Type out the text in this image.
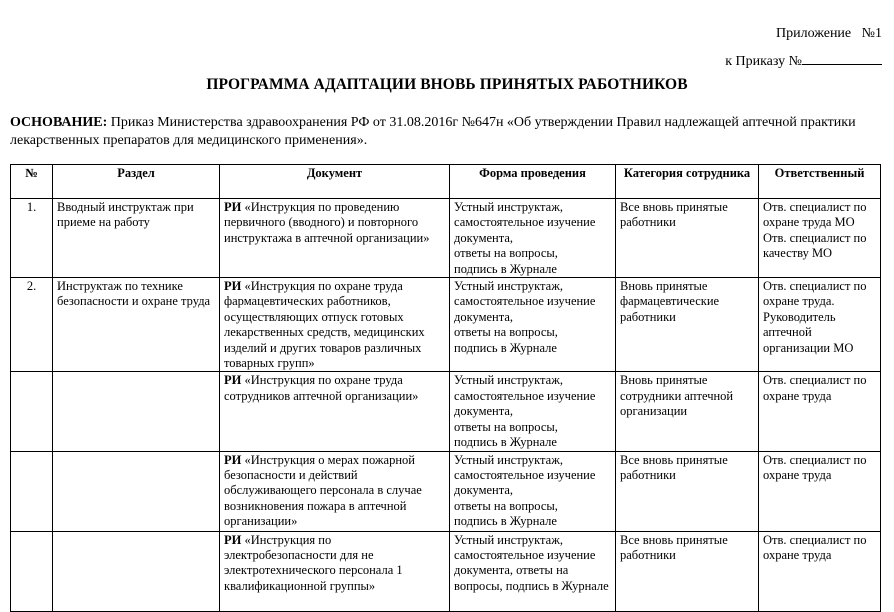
Приложение   №1
к Приказу №
ПРОГРАММА АДАПТАЦИИ ВНОВЬ ПРИНЯТЫХ РАБОТНИКОВ
ОСНОВАНИЕ: Приказ Министерства здравоохранения РФ от 31.08.2016г №647н «Об утверждении Правил надлежащей аптечной практики лекарственных препаратов для медицинского применения».
№	Раздел	Документ	Форма проведения	Категория сотрудника	Ответственный
1.	Вводный инструктаж при приеме на работу	РИ «Инструкция по проведению первичного (вводного) и повторного инструктажа в аптечной организации»	Устный инструктаж, самостоятельное изучение документа,
ответы на вопросы,
подпись в Журнале	Все вновь принятые работники	Отв. специалист по охране труда МО
Отв. специалист по качеству МО
2.	Инструктаж по технике безопасности и охране труда	РИ «Инструкция по охране труда фармацевтических работников, осуществляющих отпуск готовых лекарственных средств, медицинских изделий и других товаров различных товарных групп»	Устный инструктаж, самостоятельное изучение документа,
ответы на вопросы,
подпись в Журнале	Вновь принятые фармацевтические работники	Отв. специалист по охране труда.
Руководитель аптечной организации МО
		РИ «Инструкция по охране труда сотрудников аптечной организации»	Устный инструктаж, самостоятельное изучение документа,
ответы на вопросы,
подпись в Журнале	Вновь принятые сотрудники аптечной организации	Отв. специалист по охране труда
		РИ «Инструкция о мерах пожарной безопасности и действий обслуживающего персонала в случае возникновения пожара в аптечной организации»	Устный инструктаж, самостоятельное изучение документа,
ответы на вопросы,
подпись в Журнале	Все вновь принятые работники	Отв. специалист по охране труда
		РИ «Инструкция по электробезопасности для не электротехнического персонала 1 квалификационной группы»	Устный инструктаж, самостоятельное изучение документа, ответы на вопросы, подпись в Журнале	Все вновь принятые работники	Отв. специалист по охране труда
